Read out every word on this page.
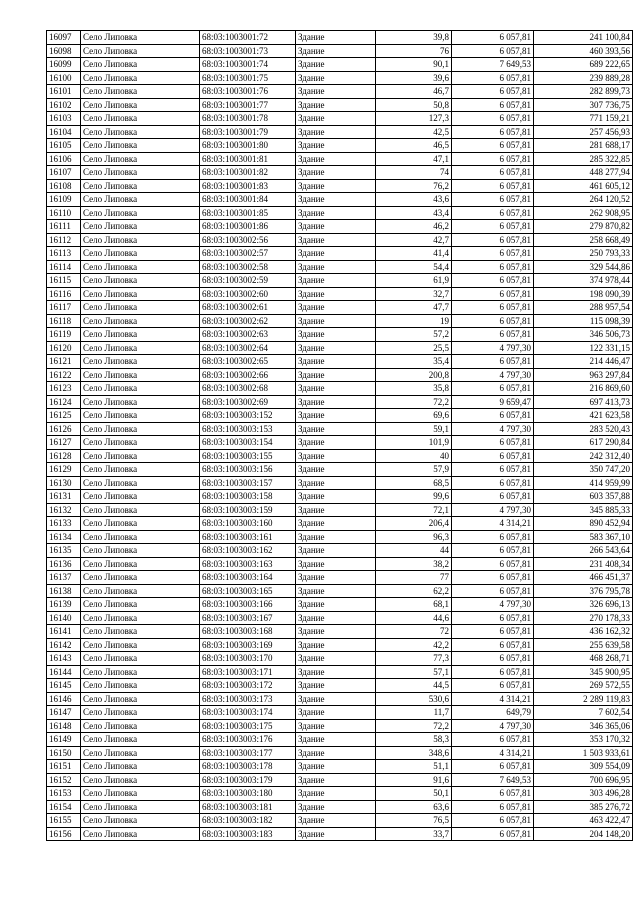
16097	Село Липовка	68:03:1003001:72	Здание	39,8	6 057,81	241 100,84
16098	Село Липовка	68:03:1003001:73	Здание	76	6 057,81	460 393,56
16099	Село Липовка	68:03:1003001:74	Здание	90,1	7 649,53	689 222,65
16100	Село Липовка	68:03:1003001:75	Здание	39,6	6 057,81	239 889,28
16101	Село Липовка	68:03:1003001:76	Здание	46,7	6 057,81	282 899,73
16102	Село Липовка	68:03:1003001:77	Здание	50,8	6 057,81	307 736,75
16103	Село Липовка	68:03:1003001:78	Здание	127,3	6 057,81	771 159,21
16104	Село Липовка	68:03:1003001:79	Здание	42,5	6 057,81	257 456,93
16105	Село Липовка	68:03:1003001:80	Здание	46,5	6 057,81	281 688,17
16106	Село Липовка	68:03:1003001:81	Здание	47,1	6 057,81	285 322,85
16107	Село Липовка	68:03:1003001:82	Здание	74	6 057,81	448 277,94
16108	Село Липовка	68:03:1003001:83	Здание	76,2	6 057,81	461 605,12
16109	Село Липовка	68:03:1003001:84	Здание	43,6	6 057,81	264 120,52
16110	Село Липовка	68:03:1003001:85	Здание	43,4	6 057,81	262 908,95
16111	Село Липовка	68:03:1003001:86	Здание	46,2	6 057,81	279 870,82
16112	Село Липовка	68:03:1003002:56	Здание	42,7	6 057,81	258 668,49
16113	Село Липовка	68:03:1003002:57	Здание	41,4	6 057,81	250 793,33
16114	Село Липовка	68:03:1003002:58	Здание	54,4	6 057,81	329 544,86
16115	Село Липовка	68:03:1003002:59	Здание	61,9	6 057,81	374 978,44
16116	Село Липовка	68:03:1003002:60	Здание	32,7	6 057,81	198 090,39
16117	Село Липовка	68:03:1003002:61	Здание	47,7	6 057,81	288 957,54
16118	Село Липовка	68:03:1003002:62	Здание	19	6 057,81	115 098,39
16119	Село Липовка	68:03:1003002:63	Здание	57,2	6 057,81	346 506,73
16120	Село Липовка	68:03:1003002:64	Здание	25,5	4 797,30	122 331,15
16121	Село Липовка	68:03:1003002:65	Здание	35,4	6 057,81	214 446,47
16122	Село Липовка	68:03:1003002:66	Здание	200,8	4 797,30	963 297,84
16123	Село Липовка	68:03:1003002:68	Здание	35,8	6 057,81	216 869,60
16124	Село Липовка	68:03:1003002:69	Здание	72,2	9 659,47	697 413,73
16125	Село Липовка	68:03:1003003:152	Здание	69,6	6 057,81	421 623,58
16126	Село Липовка	68:03:1003003:153	Здание	59,1	4 797,30	283 520,43
16127	Село Липовка	68:03:1003003:154	Здание	101,9	6 057,81	617 290,84
16128	Село Липовка	68:03:1003003:155	Здание	40	6 057,81	242 312,40
16129	Село Липовка	68:03:1003003:156	Здание	57,9	6 057,81	350 747,20
16130	Село Липовка	68:03:1003003:157	Здание	68,5	6 057,81	414 959,99
16131	Село Липовка	68:03:1003003:158	Здание	99,6	6 057,81	603 357,88
16132	Село Липовка	68:03:1003003:159	Здание	72,1	4 797,30	345 885,33
16133	Село Липовка	68:03:1003003:160	Здание	206,4	4 314,21	890 452,94
16134	Село Липовка	68:03:1003003:161	Здание	96,3	6 057,81	583 367,10
16135	Село Липовка	68:03:1003003:162	Здание	44	6 057,81	266 543,64
16136	Село Липовка	68:03:1003003:163	Здание	38,2	6 057,81	231 408,34
16137	Село Липовка	68:03:1003003:164	Здание	77	6 057,81	466 451,37
16138	Село Липовка	68:03:1003003:165	Здание	62,2	6 057,81	376 795,78
16139	Село Липовка	68:03:1003003:166	Здание	68,1	4 797,30	326 696,13
16140	Село Липовка	68:03:1003003:167	Здание	44,6	6 057,81	270 178,33
16141	Село Липовка	68:03:1003003:168	Здание	72	6 057,81	436 162,32
16142	Село Липовка	68:03:1003003:169	Здание	42,2	6 057,81	255 639,58
16143	Село Липовка	68:03:1003003:170	Здание	77,3	6 057,81	468 268,71
16144	Село Липовка	68:03:1003003:171	Здание	57,1	6 057,81	345 900,95
16145	Село Липовка	68:03:1003003:172	Здание	44,5	6 057,81	269 572,55
16146	Село Липовка	68:03:1003003:173	Здание	530,6	4 314,21	2 289 119,83
16147	Село Липовка	68:03:1003003:174	Здание	11,7	649,79	7 602,54
16148	Село Липовка	68:03:1003003:175	Здание	72,2	4 797,30	346 365,06
16149	Село Липовка	68:03:1003003:176	Здание	58,3	6 057,81	353 170,32
16150	Село Липовка	68:03:1003003:177	Здание	348,6	4 314,21	1 503 933,61
16151	Село Липовка	68:03:1003003:178	Здание	51,1	6 057,81	309 554,09
16152	Село Липовка	68:03:1003003:179	Здание	91,6	7 649,53	700 696,95
16153	Село Липовка	68:03:1003003:180	Здание	50,1	6 057,81	303 496,28
16154	Село Липовка	68:03:1003003:181	Здание	63,6	6 057,81	385 276,72
16155	Село Липовка	68:03:1003003:182	Здание	76,5	6 057,81	463 422,47
16156	Село Липовка	68:03:1003003:183	Здание	33,7	6 057,81	204 148,20
